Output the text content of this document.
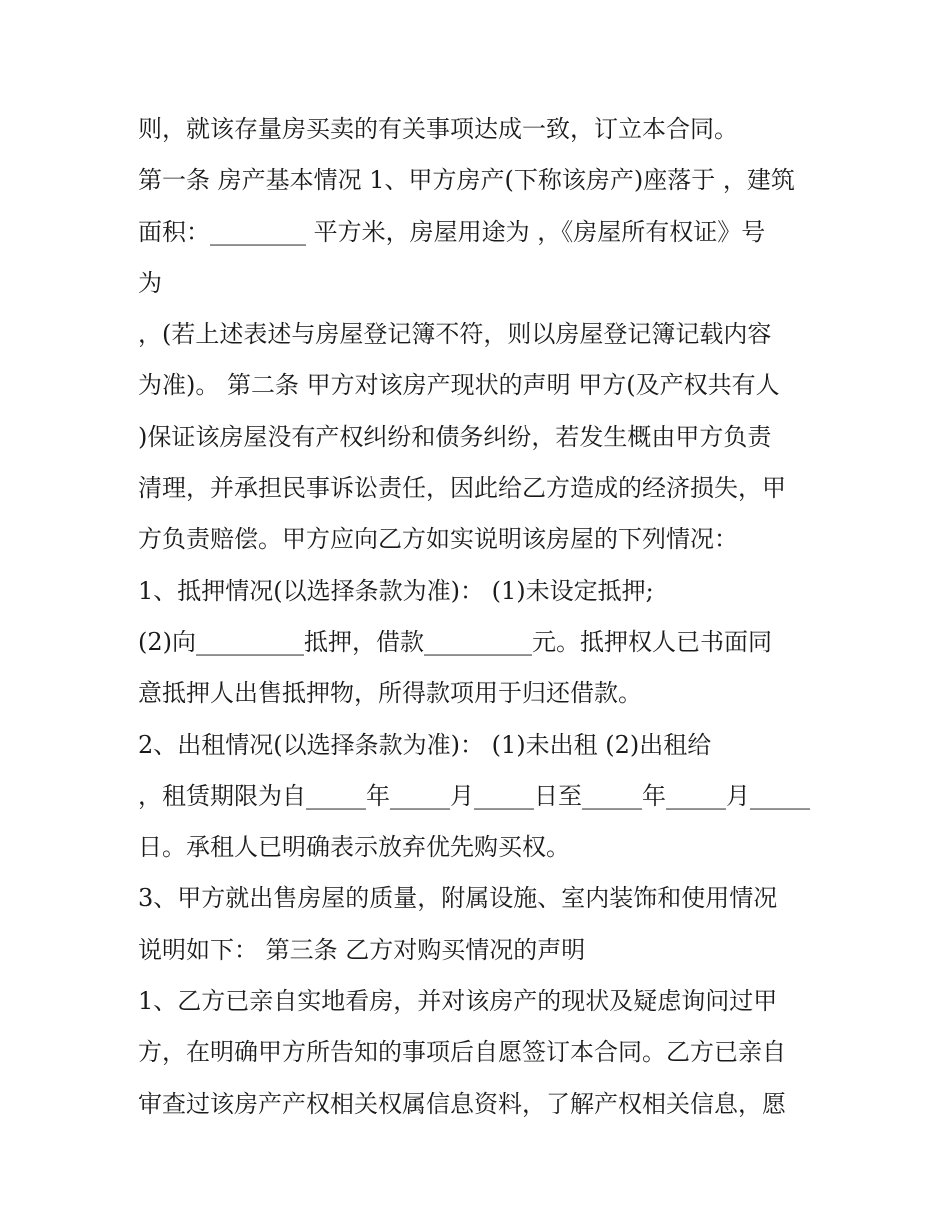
则，就该存量房买卖的有关事项达成一致，订立本合同。
第一条 房产基本情况 1、甲方房产(下称该房产)座落于 ，建筑
面积：________ 平方米，房屋用途为 ，《房屋所有权证》号
为
，(若上述表述与房屋登记簿不符，则以房屋登记簿记载内容
为准)。 第二条 甲方对该房产现状的声明 甲方(及产权共有人
)保证该房屋没有产权纠纷和债务纠纷，若发生概由甲方负责
清理，并承担民事诉讼责任，因此给乙方造成的经济损失，甲
方负责赔偿。甲方应向乙方如实说明该房屋的下列情况：
1、抵押情况(以选择条款为准)： (1)未设定抵押;
(2)向_________抵押，借款_________元。抵押权人已书面同
意抵押人出售抵押物，所得款项用于归还借款。
2、出租情况(以选择条款为准)： (1)未出租 (2)出租给
，租赁期限为自_____年_____月_____日至_____年_____月_____
日。承租人已明确表示放弃优先购买权。
3、甲方就出售房屋的质量，附属设施、室内装饰和使用情况
说明如下： 第三条 乙方对购买情况的声明
1、乙方已亲自实地看房，并对该房产的现状及疑虑询问过甲
方，在明确甲方所告知的事项后自愿签订本合同。乙方已亲自
审查过该房产产权相关权属信息资料，了解产权相关信息，愿
